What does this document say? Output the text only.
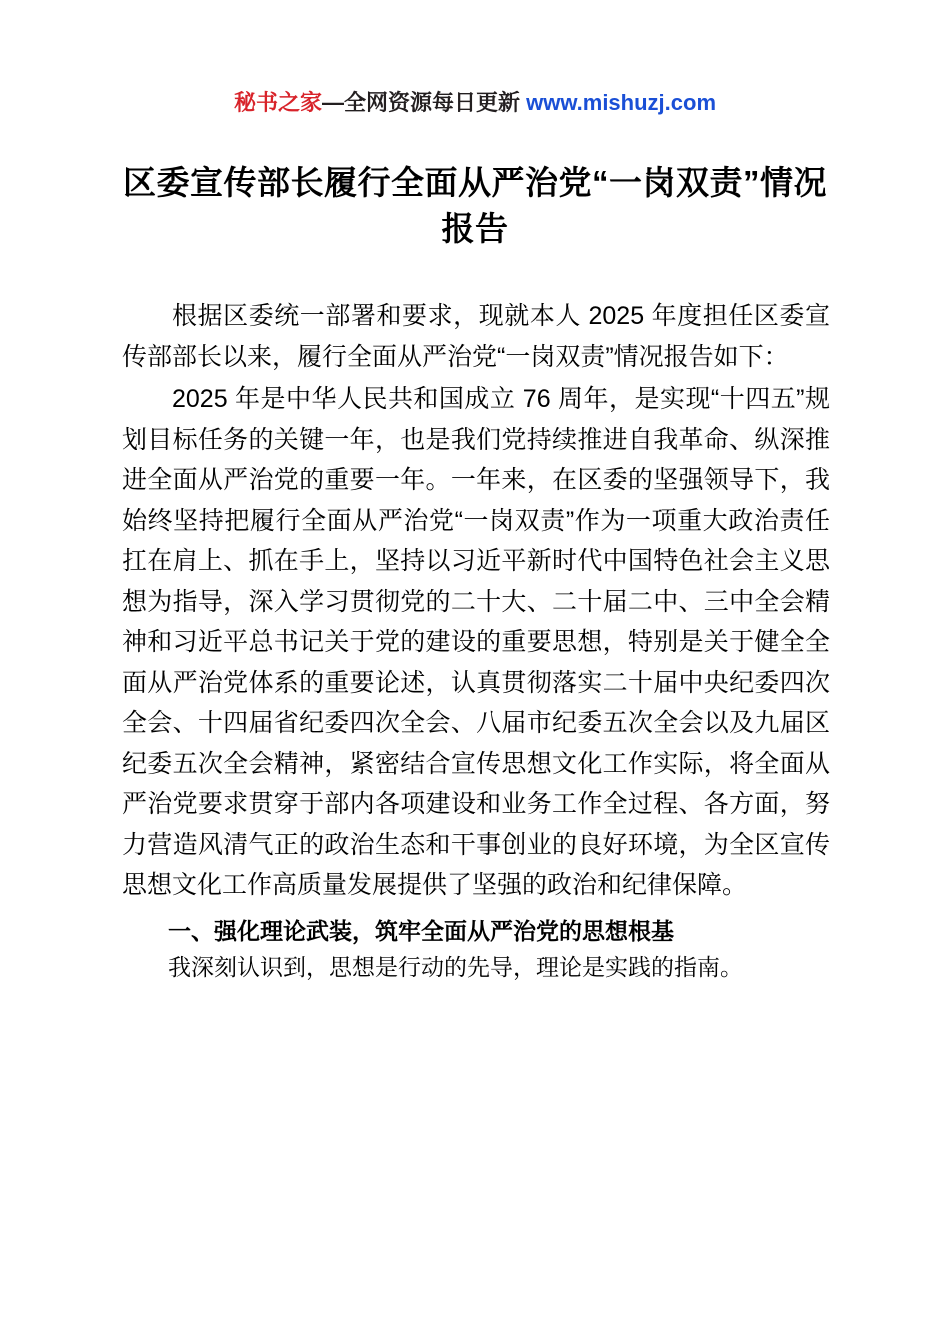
秘书之家—全网资源每日更新 www.mishuzj.com
区委宣传部长履行全面从严治党“一岗双责”情况报告

根据区委统一部署和要求，现就本人 2025 年度担任区委宣传部部长以来，履行全面从严治党“一岗双责”情况报告如下：

2025 年是中华人民共和国成立 76 周年，是实现“十四五”规划目标任务的关键一年，也是我们党持续推进自我革命、纵深推进全面从严治党的重要一年。一年来，在区委的坚强领导下，我始终坚持把履行全面从严治党“一岗双责”作为一项重大政治责任扛在肩上、抓在手上，坚持以习近平新时代中国特色社会主义思想为指导，深入学习贯彻党的二十大、二十届二中、三中全会精神和习近平总书记关于党的建设的重要思想，特别是关于健全全面从严治党体系的重要论述，认真贯彻落实二十届中央纪委四次全会、十四届省纪委四次全会、八届市纪委五次全会以及九届区纪委五次全会精神，紧密结合宣传思想文化工作实际，将全面从严治党要求贯穿于部内各项建设和业务工作全过程、各方面，努力营造风清气正的政治生态和干事创业的良好环境，为全区宣传思想文化工作高质量发展提供了坚强的政治和纪律保障。

一、强化理论武装，筑牢全面从严治党的思想根基

我深刻认识到，思想是行动的先导，理论是实践的指南。
